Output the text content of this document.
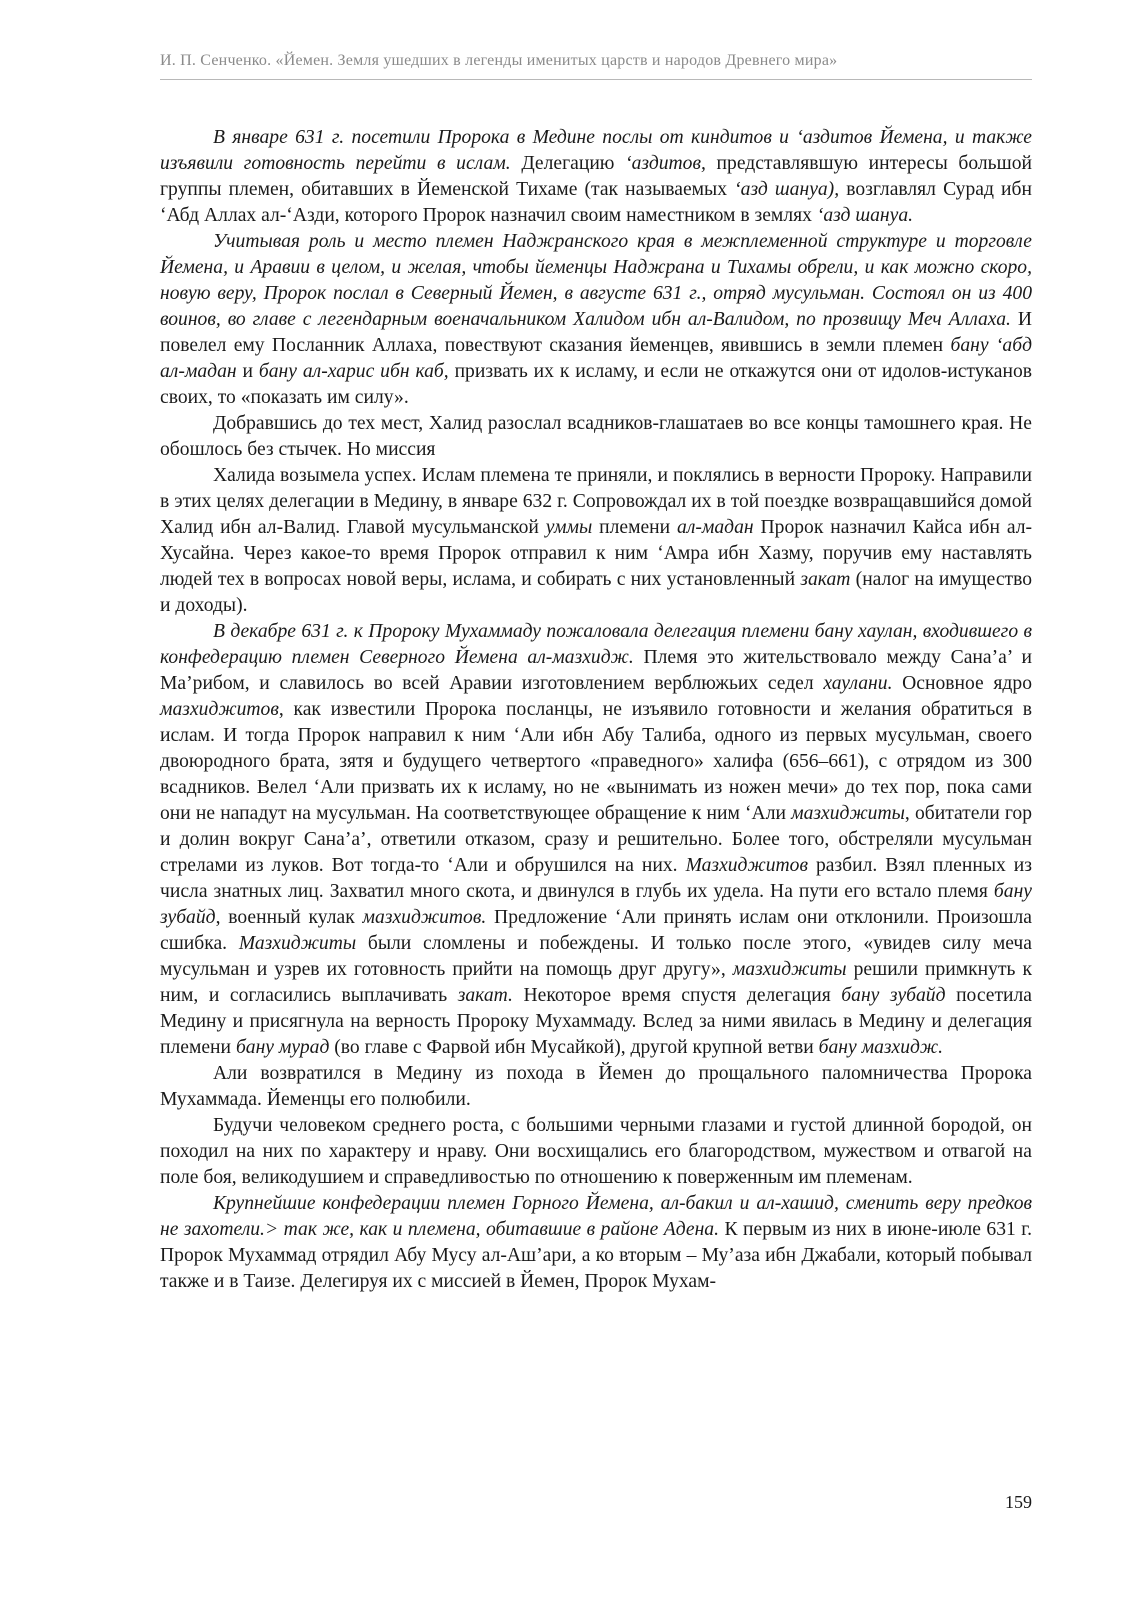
И. П. Сенченко. «Йемен. Земля ушедших в легенды именитых царств и народов Древнего мира»

В январе 631 г. посетили Пророка в Медине послы от киндитов и ‘аздитов Йемена, и также изъявили готовность перейти в ислам. Делегацию ‘аздитов, представлявшую интересы большой группы племен, обитавших в Йеменской Тихаме (так называемых ‘азд шануа), возглавлял Сурад ибн ‘Абд Аллах ал-‘Азди, которого Пророк назначил своим наместником в землях ‘азд шануа.

Учитывая роль и место племен Наджранского края в межплеменной структуре и торговле Йемена, и Аравии в целом, и желая, чтобы йеменцы Наджрана и Тихамы обрели, и как можно скоро, новую веру, Пророк послал в Северный Йемен, в августе 631 г., отряд мусульман. Состоял он из 400 воинов, во главе с легендарным военачальником Халидом ибн ал-Валидом, по прозвищу Меч Аллаха. И повелел ему Посланник Аллаха, повествуют сказания йеменцев, явившись в земли племен бану ‘абд ал-мадан и бану ал-харис ибн каб, призвать их к исламу, и если не откажутся они от идолов-истуканов своих, то «показать им силу».

Добравшись до тех мест, Халид разослал всадников-глашатаев во все концы тамошнего края. Не обошлось без стычек. Но миссия

Халида возымела успех. Ислам племена те приняли, и поклялись в верности Пророку. Направили в этих целях делегации в Медину, в январе 632 г. Сопровождал их в той поездке возвращавшийся домой Халид ибн ал-Валид. Главой мусульманской уммы племени ал-мадан Пророк назначил Кайса ибн ал-Хусайна. Через какое-то время Пророк отправил к ним ‘Амра ибн Хазму, поручив ему наставлять людей тех в вопросах новой веры, ислама, и собирать с них установленный закат (налог на имущество и доходы).

В декабре 631 г. к Пророку Мухаммаду пожаловала делегация племени бану хаулан, входившего в конфедерацию племен Северного Йемена ал-мазхидж. Племя это жительствовало между Сана’а’ и Ма’рибом, и славилось во всей Аравии изготовлением верблюжьих седел хаулани. Основное ядро мазхиджитов, как известили Пророка посланцы, не изъявило готовности и желания обратиться в ислам. И тогда Пророк направил к ним ‘Али ибн Абу Талиба, одного из первых мусульман, своего двоюродного брата, зятя и будущего четвертого «праведного» халифа (656–661), с отрядом из 300 всадников. Велел ‘Али призвать их к исламу, но не «вынимать из ножен мечи» до тех пор, пока сами они не нападут на мусульман. На соответствующее обращение к ним ‘Али мазхиджиты, обитатели гор и долин вокруг Сана’а’, ответили отказом, сразу и решительно. Более того, обстреляли мусульман стрелами из луков. Вот тогда-то ‘Али и обрушился на них. Мазхиджитов разбил. Взял пленных из числа знатных лиц. Захватил много скота, и двинулся в глубь их удела. На пути его встало племя бану зубайд, военный кулак мазхиджитов. Предложение ‘Али принять ислам они отклонили. Произошла сшибка. Мазхиджиты были сломлены и побеждены. И только после этого, «увидев силу меча мусульман и узрев их готовность прийти на помощь друг другу», мазхиджиты решили примкнуть к ним, и согласились выплачивать закат. Некоторое время спустя делегация бану зубайд посетила Медину и присягнула на верность Пророку Мухаммаду. Вслед за ними явилась в Медину и делегация племени бану мурад (во главе с Фарвой ибн Мусайкой), другой крупной ветви бану мазхидж.

Али возвратился в Медину из похода в Йемен до прощального паломничества Пророка Мухаммада. Йеменцы его полюбили.

Будучи человеком среднего роста, с большими черными глазами и густой длинной бородой, он походил на них по характеру и нраву. Они восхищались его благородством, мужеством и отвагой на поле боя, великодушием и справедливостью по отношению к поверженным им племенам.

Крупнейшие конфедерации племен Горного Йемена, ал-бакил и ал-хашид, сменить веру предков не захотели.> так же, как и племена, обитавшие в районе Адена. К первым из них в июне-июле 631 г. Пророк Мухаммад отрядил Абу Мусу ал-Аш’ари, а ко вторым – Му’аза ибн Джабали, который побывал также и в Таизе. Делегируя их с миссией в Йемен, Пророк Мухам-

159
